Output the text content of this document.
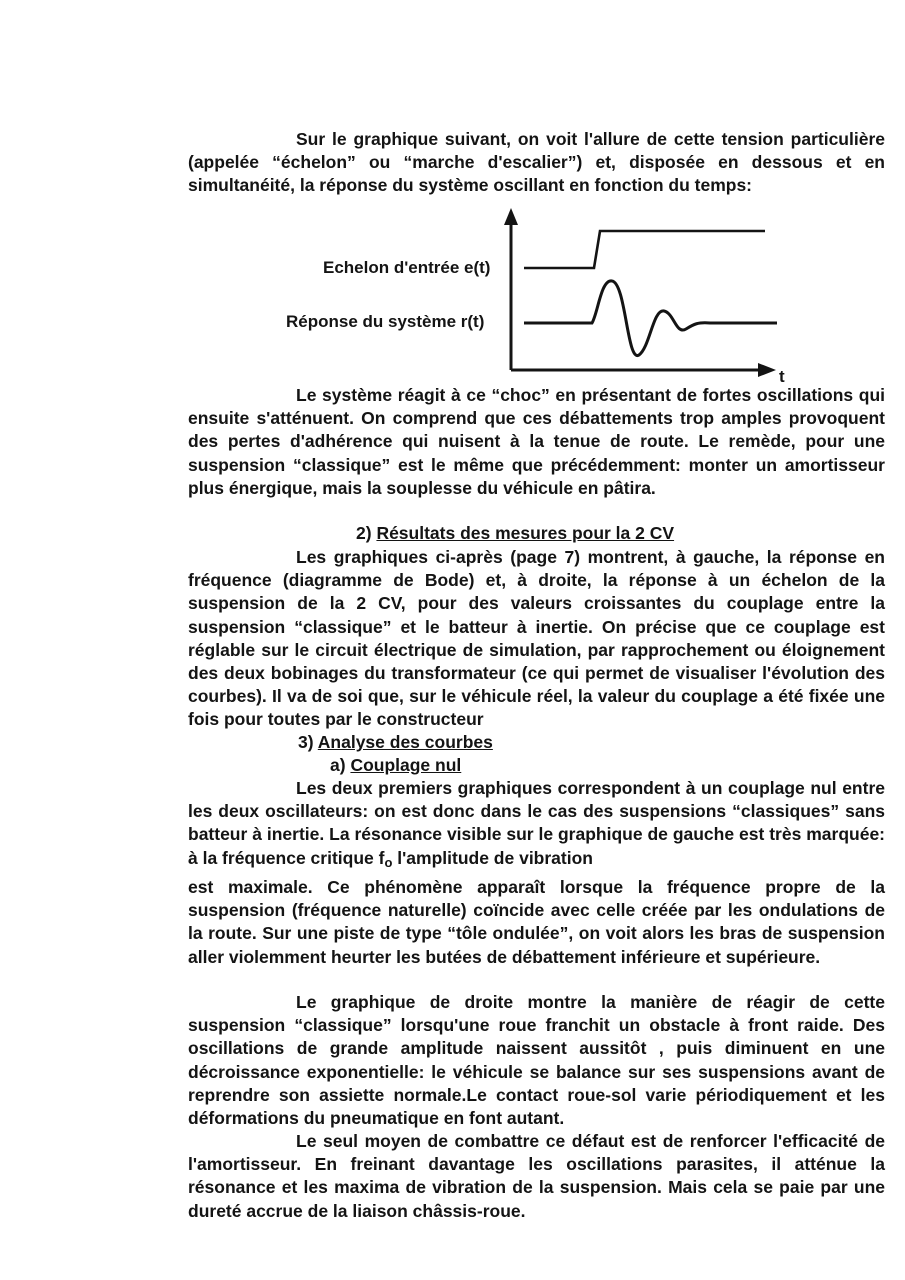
Sur le graphique suivant, on voit l'allure de cette tension particulière (appelée “échelon” ou “marche d'escalier”) et, disposée en dessous et en simultanéité, la réponse du système oscillant en fonction du temps:

Echelon d'entrée e(t)
Réponse du système r(t)
t

Le système réagit à ce “choc” en présentant de fortes oscillations qui ensuite s'atténuent. On comprend que ces débattements trop amples provoquent des pertes d'adhérence qui nuisent à la tenue de route. Le remède, pour une suspension “classique” est le même que précédemment: monter un amortisseur plus énergique, mais la souplesse du véhicule en pâtira.

2) Résultats des mesures pour la 2 CV

Les graphiques ci-après (page 7) montrent, à gauche, la réponse en fréquence (diagramme de Bode) et, à droite, la réponse à un échelon de la suspension de la 2 CV, pour des valeurs croissantes du couplage entre la suspension “classique” et le batteur à inertie. On précise que ce couplage est réglable sur le circuit électrique de simulation, par rapprochement ou éloignement des deux bobinages du transformateur (ce qui permet de visualiser l'évolution des courbes). Il va de soi que, sur le véhicule réel, la valeur du couplage a été fixée une fois pour toutes par le constructeur

3) Analyse des courbes
a) Couplage nul

Les deux premiers graphiques correspondent à un couplage nul entre les deux oscillateurs: on est donc dans le cas des suspensions “classiques” sans batteur à inertie. La résonance visible sur le graphique de gauche est très marquée: à la fréquence critique fo l'amplitude de vibration

est maximale. Ce phénomène apparaît lorsque la fréquence propre de la suspension (fréquence naturelle) coïncide avec celle créée par les ondulations de la route. Sur une piste de type “tôle ondulée”, on voit alors les bras de suspension aller violemment heurter les butées de débattement inférieure et supérieure.

Le graphique de droite montre la manière de réagir de cette suspension “classique” lorsqu'une roue franchit un obstacle à front raide. Des oscillations de grande amplitude naissent aussitôt , puis diminuent en une décroissance exponentielle: le véhicule se balance sur ses suspensions avant de reprendre son assiette normale.Le contact roue-sol varie périodiquement et les déformations du pneumatique en font autant.

Le seul moyen de combattre ce défaut est de renforcer l'efficacité de l'amortisseur. En freinant davantage les oscillations parasites, il atténue la résonance et les maxima de vibration de la suspension. Mais cela se paie par une dureté accrue de la liaison châssis-roue.
